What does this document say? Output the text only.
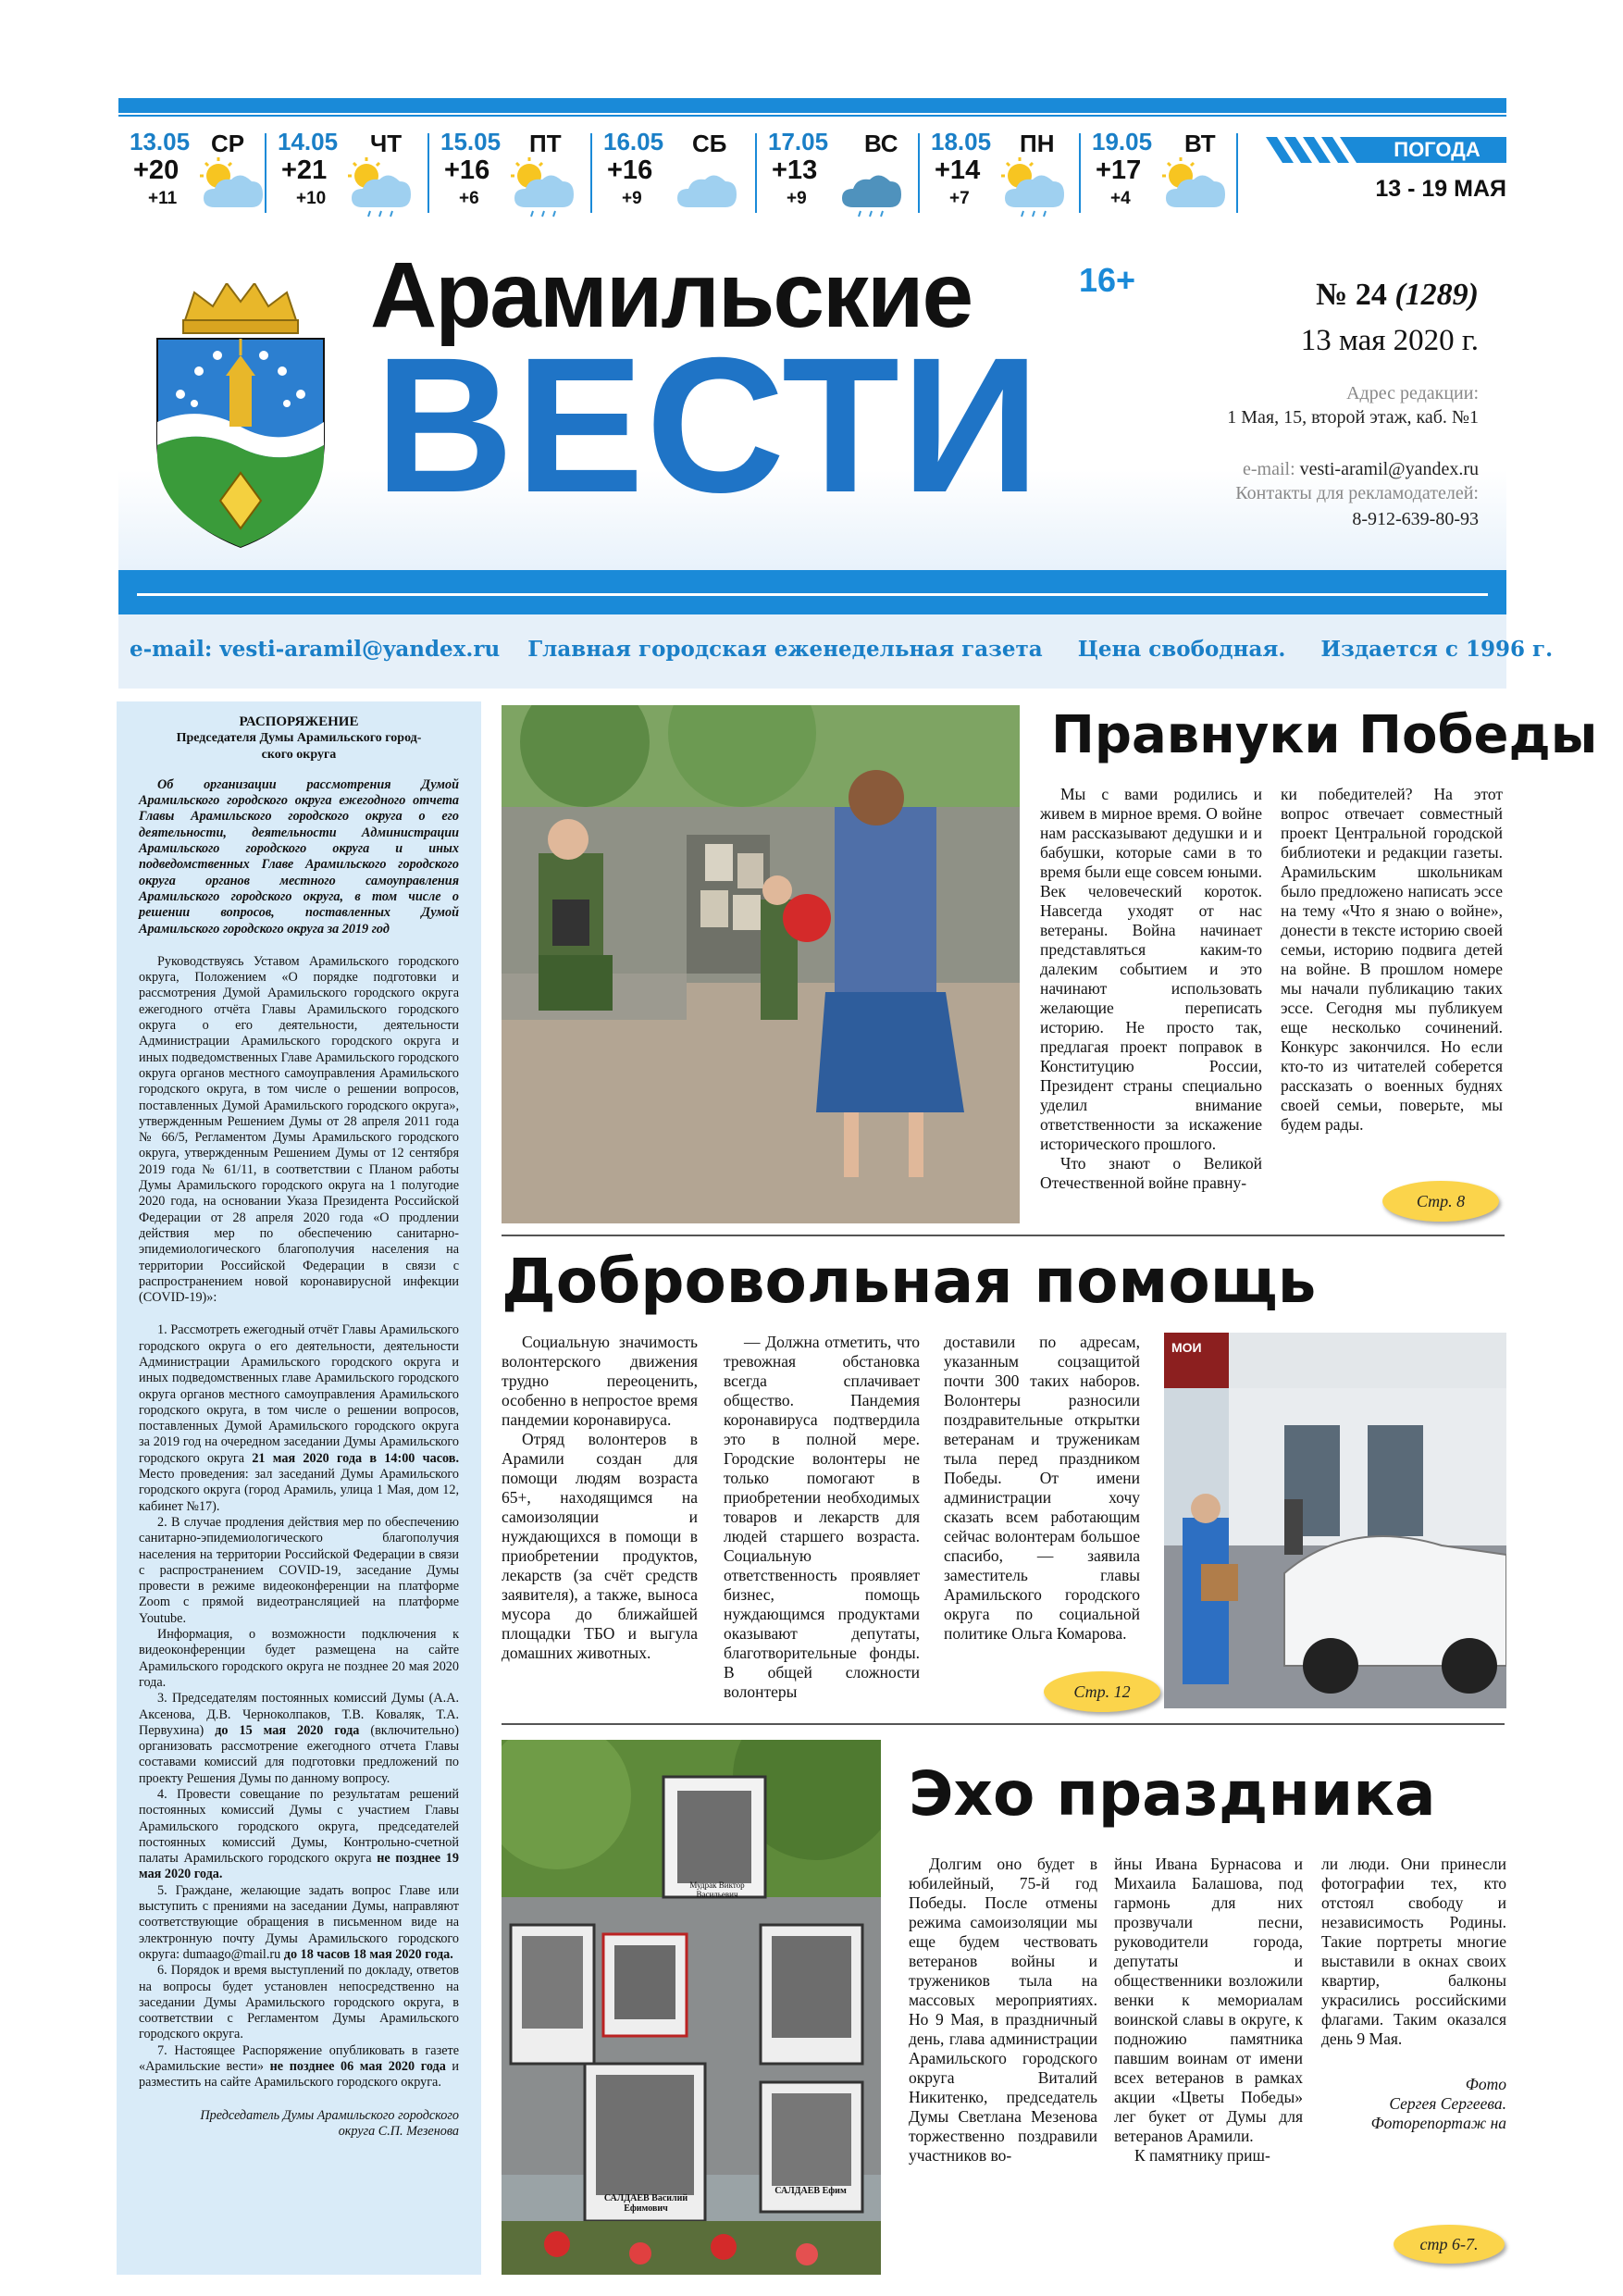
13.05 СР
+20
+11
14.05 ЧТ
+21
+10
15.05 ПТ
+16
+6
16.05 СБ
+16
+9
17.05 ВС
+13
+9
18.05 ПН
+14
+7
19.05 ВТ
+17
+4
ПОГОДА
13 - 19 МАЯ
Арамильские
ВЕСТИ
16+	№ 24 (1289)
13 мая 2020 г.
Адрес редакции:
1 Мая, 15, второй этаж, каб. №1
e-mail: vesti-aramil@yandex.ru
Контакты для рекламодателей:
8-912-639-80-93
e-mail: vesti-aramil@yandex.ru Главная городская еженедельная газета Цена свободная. Издается с 1996 г.
РАСПОРЯЖЕНИЕ
Председателя Думы Арамильского город-ского округа

Об организации рассмотрения Думой Арамильского городского округа ежегодного отчета Главы Арамильского городского округа о его деятельности, деятельности Администрации Арамильского городского округа и иных подведомственных Главе Арамильского городского округа органов местного самоуправления Арамильского городского округа, в том числе о решении вопросов, поставленных Думой Арамильского городского округа за 2019 год

Руководствуясь Уставом Арамильского городского округа, Положением «О порядке подготовки и рассмотрения Думой Арамильского городского округа ежегодного отчёта Главы Арамильского городского округа о его деятельности, деятельности Администрации Арамильского городского округа и иных подведомственных Главе Арамильского городского округа органов местного самоуправления Арамильского городского округа, в том числе о решении вопросов, поставленных Думой Арамильского городского округа», утвержденным Решением Думы от 28 апреля 2011 года № 66/5, Регламентом Думы Арамильского городского округа, утвержденным Решением Думы от 12 сентября 2019 года № 61/11, в соответствии с Планом работы Думы Арамильского городского округа на 1 полугодие 2020 года, на основании Указа Президента Российской Федерации от 28 апреля 2020 года «О продлении действия мер по обеспечению санитарно-эпидемиологического благополучия населения на территории Российской Федерации в связи с распространением новой коронавирусной инфекции (COVID-19)»:

1. Рассмотреть ежегодный отчёт Главы Арамильского городского округа о его деятельности, деятельности Администрации Арамильского городского округа и иных подведомственных главе Арамильского городского округа органов местного самоуправления Арамильского городского округа, в том числе о решении вопросов, поставленных Думой Арамильского городского округа за 2019 год на очередном заседании Думы Арамильского городского округа 21 мая 2020 года в 14:00 часов. Место проведения: зал заседаний Думы Арамильского городского округа (город Арамиль, улица 1 Мая, дом 12, кабинет №17).

2. В случае продления действия мер по обеспечению санитарно-эпидемиологического благополучия населения на территории Российской Федерации в связи с распространением COVID-19, заседание Думы провести в режиме видеоконференции на платформе Zoom с прямой видеотрансляцией на платформе Youtube.

Информация, о возможности подключения к видеоконференции будет размещена на сайте Арамильского городского округа не позднее 20 мая 2020 года.

3. Председателям постоянных комиссий Думы (А.А. Аксенова, Д.В. Черноколпаков, Т.В. Коваляк, Т.А. Первухина) до 15 мая 2020 года (включительно) организовать рассмотрение ежегодного отчета Главы составами комиссий для подготовки предложений по проекту Решения Думы по данному вопросу.

4. Провести совещание по результатам решений постоянных комиссий Думы с участием Главы Арамильского городского округа, председателей постоянных комиссий Думы, Контрольно-счетной палаты Арамильского городского округа не позднее 19 мая 2020 года.

5. Гражданe, желающие задать вопрос Главе или выступить с прениями на заседании Думы, направляют соответствующие обращения в письменном виде на электронную почту Думы Арамильского городского округа: dumaago@mail.ru до 18 часов 18 мая 2020 года.

6. Порядок и время выступлений по докладу, ответов на вопросы будет установлен непосредственно на заседании Думы Арамильского городского округа, в соответствии с Регламентом Думы Арамильского городского округа.

7. Настоящее Распоряжение опубликовать в газете «Арамильские вести» не позднее 06 мая 2020 года и разместить на сайте Арамильского городского округа.

Председатель Думы Арамильского городского округа С.П. Мезенова
Правнуки Победы

Мы с вами родились и живем в мирное время. О войне нам рассказывают дедушки и и бабушки, которые сами в то время были еще совсем юными. Век человеческий короток. Навсегда уходят от нас ветераны. Война начинает представляться каким-то далеким событием и это начинают использовать желающие переписать историю. Не просто так, предлагая проект поправок в Конституцию России, Президент страны специально уделил внимание ответственности за искажение исторического прошлого.

Что знают о Великой Отечественной войне правну-

ки победителей? На этот вопрос отвечает совместный проект Центральной городской библиотеки и редакции газеты. Арамильским школьникам было предложено написать эссе на тему «Что я знаю о войне», донести в тексте историю своей семьи, историю подвига детей на войне. В прошлом номере мы начали публикацию таких эссе. Сегодня мы публикуем еще несколько сочинений. Конкурс закончился. Но если кто-то из читателей соберется рассказать о военных буднях своей семьи, поверьте, мы будем рады.

Стр. 8
Добровольная помощь

Социальную значимость волонтерского движения трудно переоценить, особенно в непростое время пандемии коронавируса.

Отряд волонтеров в Арамили создан для помощи людям возраста 65+, находящимся на самоизоляции и нуждающихся в помощи в приобретении продуктов, лекарств (за счёт средств заявителя), а также, выноса мусора до ближайшей площадки ТБО и выгула домашних животных.

— Должна отметить, что тревожная обстановка всегда сплачивает общество. Пандемия коронавируса подтвердила это в полной мере. Городские волонтеры не только помогают в приобретении необходимых товаров и лекарств для людей старшего возраста. Социальную ответственность проявляет бизнес, помощь нуждающимся продуктами оказывают депутаты, благотворительные фонды. В общей сложности волонтеры

доставили по адресам, указанным соцзащитой почти 300 таких наборов. Волонтеры разносили поздравительные открытки ветеранам и труженикам тыла перед праздником Победы. От имени администрации хочу сказать всем работающим сейчас волонтерам большое спасибо, — заявила заместитель главы Арамильского городского округа по социальной политике Ольга Комарова.

Стр. 12
МОИ
Мудрак Виктор Васильевич
САЛДАЕВ Василий Ефимович
САЛДАЕВ Ефим
Эхо праздника

Долгим оно будет в юбилейный, 75-й год Победы. После отмены режима самоизоляции мы еще будем чествовать ветеранов войны и тружеников тыла на массовых мероприятиях. Но 9 Мая, в праздничный день, глава администрации Арамильского городского округа Виталий Никитенко, председатель Думы Светлана Мезенова торжественно поздравили участников во-

йны Ивана Бурнасова и Михаила Балашова, под гармонь для них прозвучали песни, руководители города, депутаты и общественники возложили венки к мемориалам воинской славы в округе, к подножию памятника павшим воинам от имени всех ветеранов в рамках акции «Цветы Победы» лег букет от Думы для ветеранов Арамили.

К памятнику приш-

ли люди. Они принесли фотографии тех, кто отстоял свободу и независимость Родины. Такие портреты многие выставили в окнах своих квартир, балконы украсились российскими флагами. Таким оказался день 9 Мая.

Фото
Сергея Сергеева.
Фоторепортаж на
стр 6-7.
